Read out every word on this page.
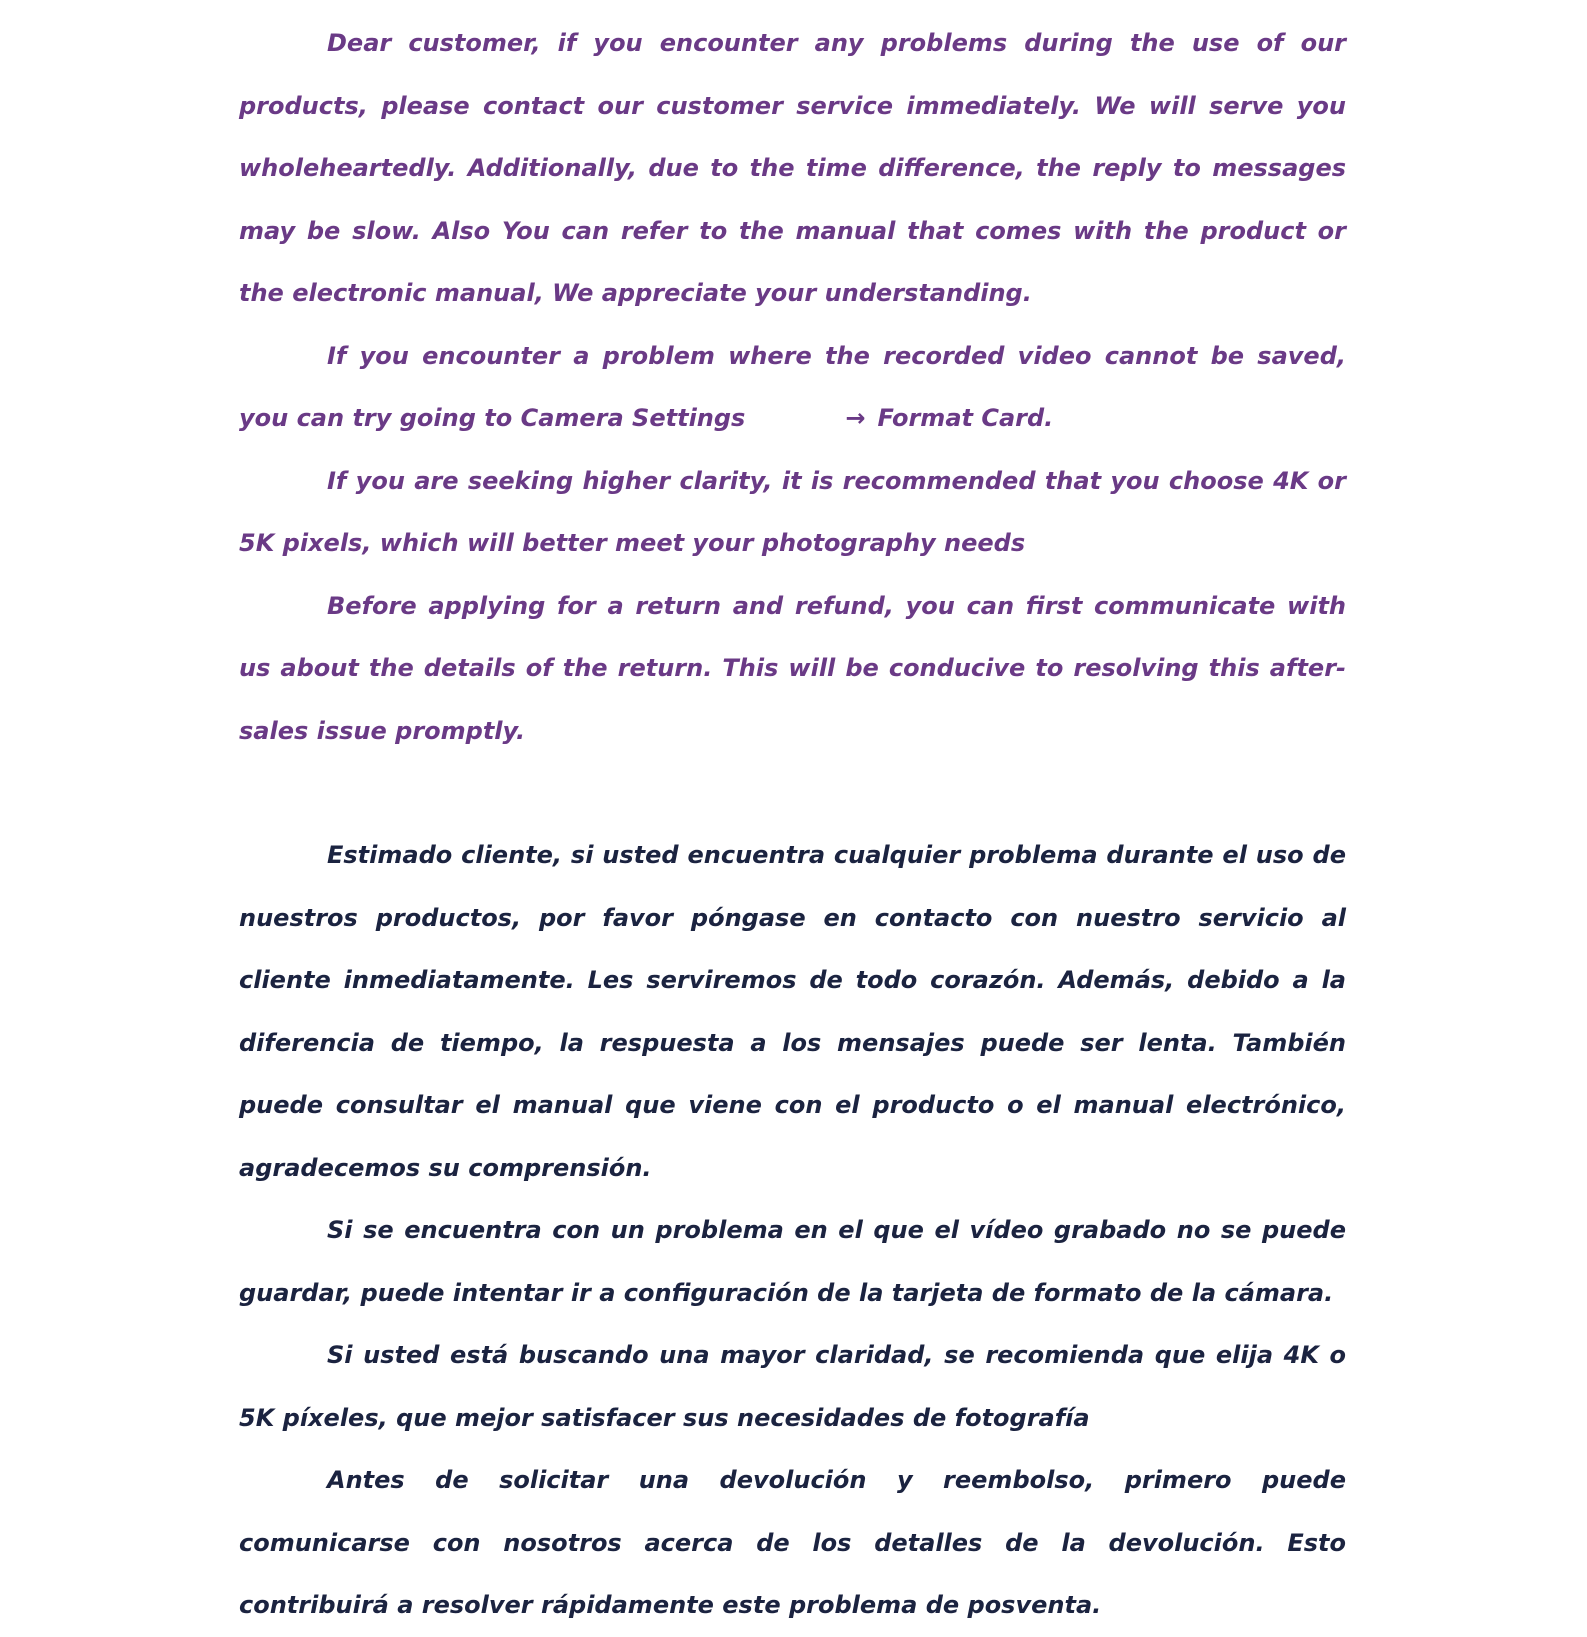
Dear customer, if you encounter any problems during the use of our products, please contact our customer service immediately. We will serve you wholeheartedly. Additionally, due to the time difference, the reply to messages may be slow. Also You can refer to the manual that comes with the product or the electronic manual, We appreciate your understanding.

If you encounter a problem where the recorded video cannot be saved, you can try going to Camera Settings	→ Format Card.

If you are seeking higher clarity, it is recommended that you choose 4K or 5K pixels, which will better meet your photography needs

Before applying for a return and refund, you can first communicate with us about the details of the return. This will be conducive to resolving this after-sales issue promptly.

Estimado cliente, si usted encuentra cualquier problema durante el uso de nuestros productos, por favor póngase en contacto con nuestro servicio al cliente inmediatamente. Les serviremos de todo corazón. Además, debido a la diferencia de tiempo, la respuesta a los mensajes puede ser lenta. También puede consultar el manual que viene con el producto o el manual electrónico, agradecemos su comprensión.

Si se encuentra con un problema en el que el vídeo grabado no se puede guardar, puede intentar ir a configuración de la tarjeta de formato de la cámara.

Si usted está buscando una mayor claridad, se recomienda que elija 4K o 5K píxeles, que mejor satisfacer sus necesidades de fotografía

Antes de solicitar una devolución y reembolso, primero puede comunicarse con nosotros acerca de los detalles de la devolución. Esto contribuirá a resolver rápidamente este problema de posventa.
